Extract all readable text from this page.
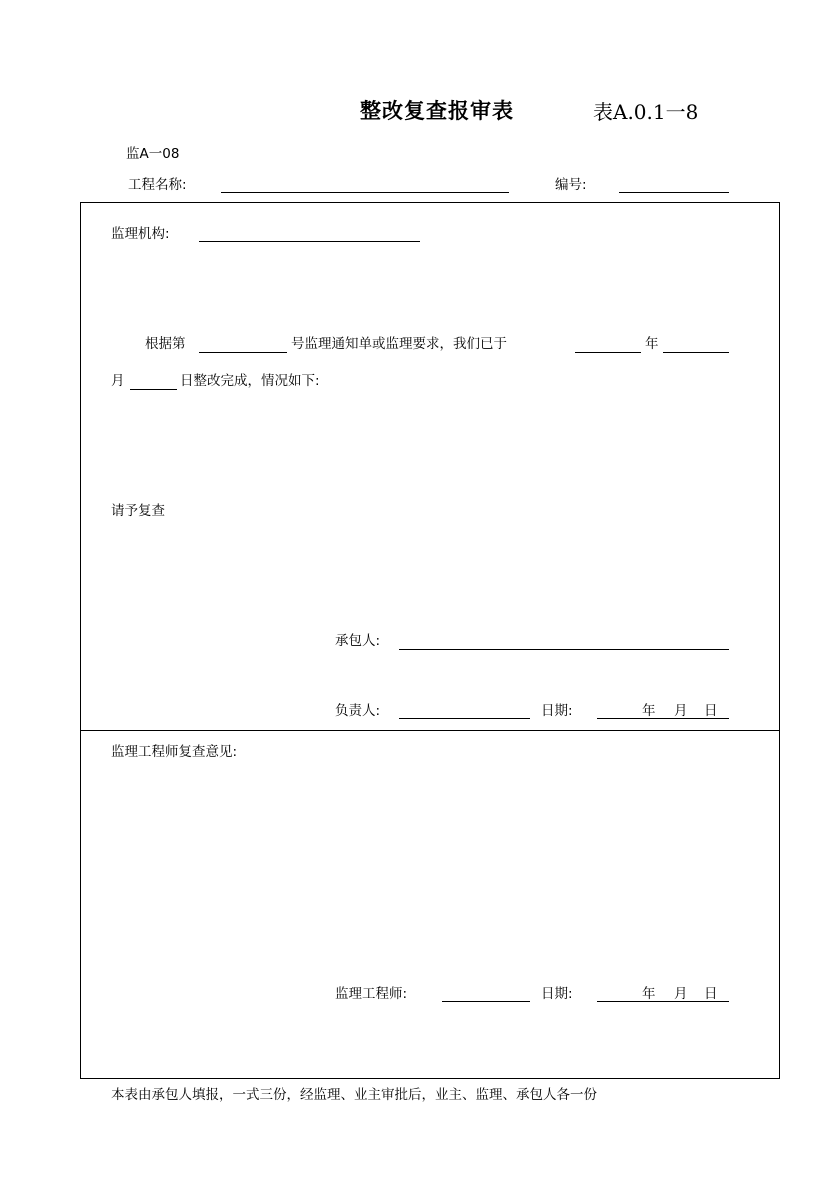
整改复查报审表	表A.0.1一8
监A一08
工程名称:	编号:
监理机构:
根据第	号监理通知单或监理要求，我们已于	年
月	日整改完成，情况如下:
请予复查
承包人:
负责人:	日期:	年 月 日
监理工程师复查意见:
监理工程师:	日期:	年 月 日
本表由承包人填报，一式三份，经监理、业主审批后，业主、监理、承包人各一份
